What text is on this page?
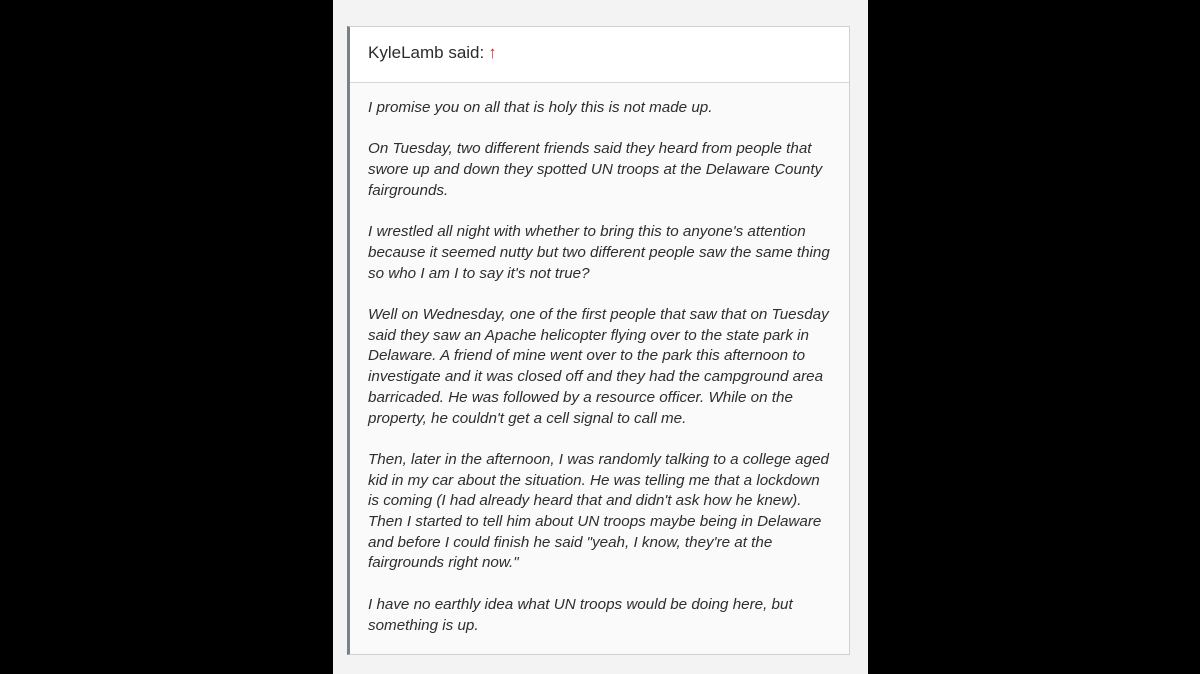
KyleLamb said: ↑

I promise you on all that is holy this is not made up.

On Tuesday, two different friends said they heard from people that swore up and down they spotted UN troops at the Delaware County fairgrounds.

I wrestled all night with whether to bring this to anyone's attention because it seemed nutty but two different people saw the same thing so who I am I to say it's not true?

Well on Wednesday, one of the first people that saw that on Tuesday said they saw an Apache helicopter flying over to the state park in Delaware. A friend of mine went over to the park this afternoon to investigate and it was closed off and they had the campground area barricaded. He was followed by a resource officer. While on the property, he couldn't get a cell signal to call me.

Then, later in the afternoon, I was randomly talking to a college aged kid in my car about the situation. He was telling me that a lockdown is coming (I had already heard that and didn't ask how he knew). Then I started to tell him about UN troops maybe being in Delaware and before I could finish he said "yeah, I know, they're at the fairgrounds right now."

I have no earthly idea what UN troops would be doing here, but something is up.
